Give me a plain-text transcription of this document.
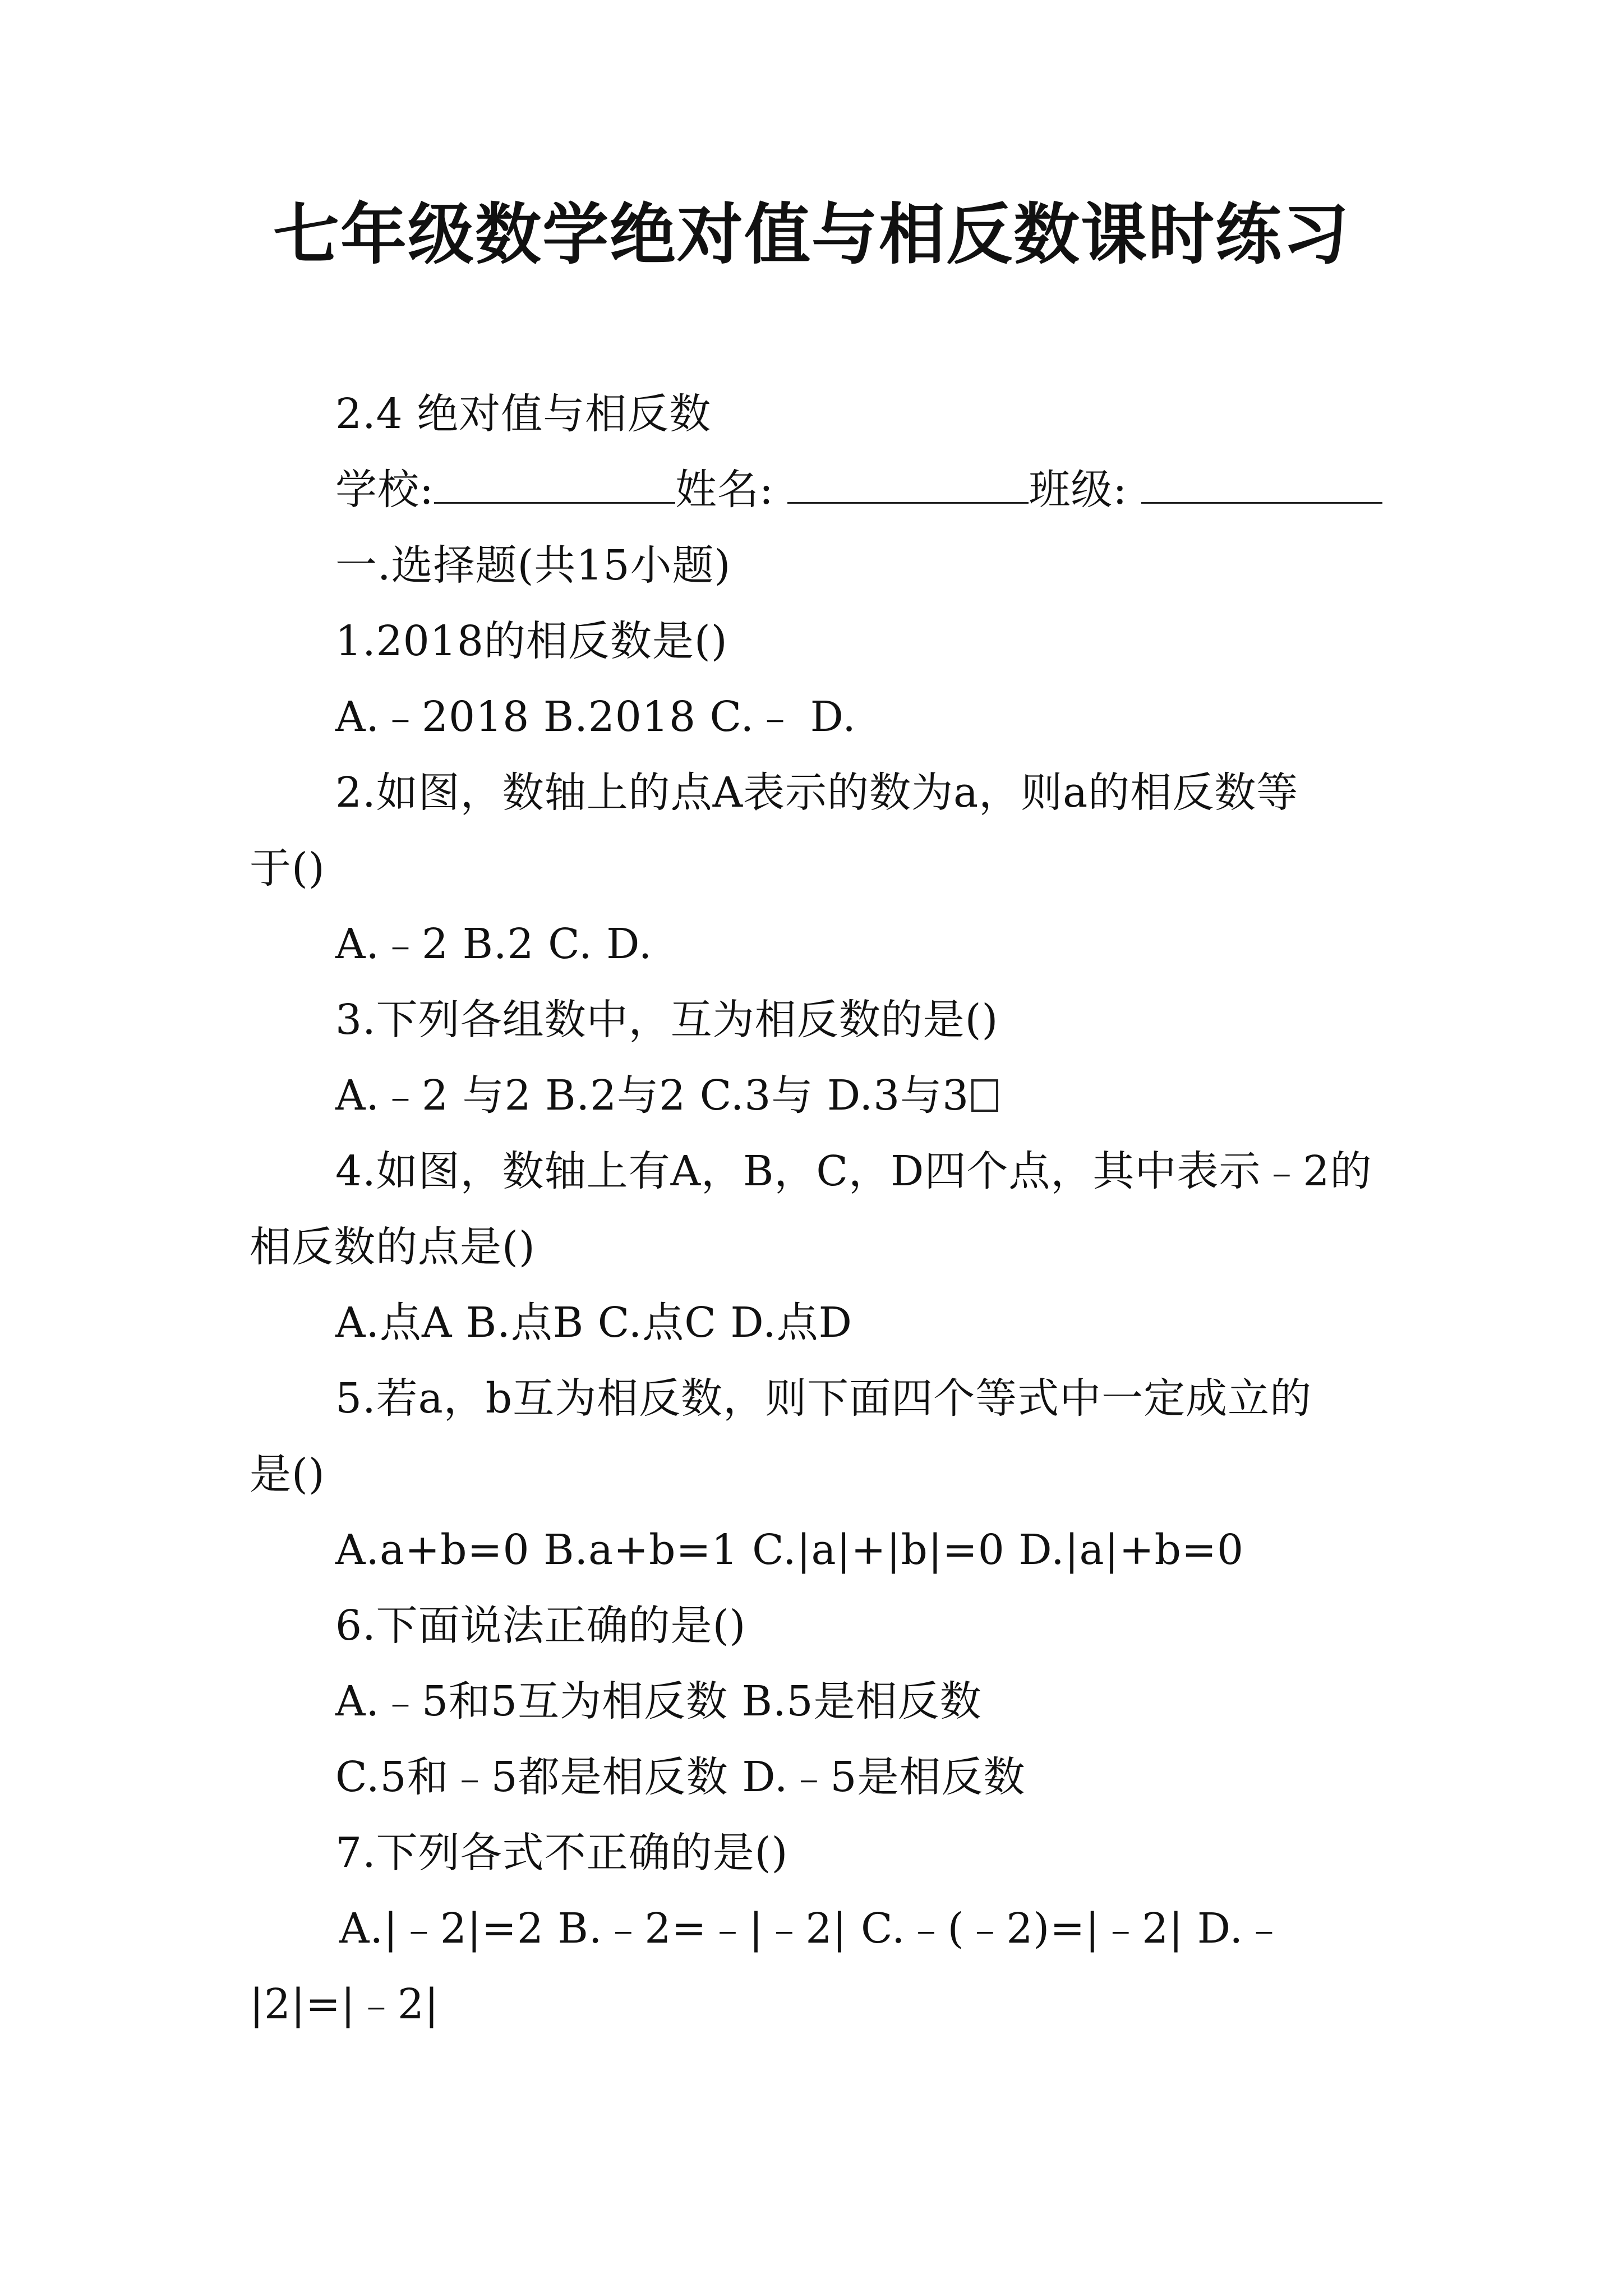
七年级数学绝对值与相反数课时练习
2.4 绝对值与相反数
学校:	姓名:	班级:
一.选择题(共15小题)
1.2018的相反数是()
A.﹣2018 B.2018 C.﹣ D.
2.如图，数轴上的点A表示的数为a，则a的相反数等
于()
A.﹣2 B.2 C. D.
3.下列各组数中，互为相反数的是()
A.﹣2 与2 B.2与2 C.3与 D.3与3
4.如图，数轴上有A，B，C，D四个点，其中表示﹣2的
相反数的点是()
A.点A B.点B C.点C D.点D
5.若a，b互为相反数，则下面四个等式中一定成立的
是()
A.a+b=0 B.a+b=1 C.|a|+|b|=0 D.|a|+b=0
6.下面说法正确的是()
A.﹣5和5互为相反数 B.5是相反数
C.5和﹣5都是相反数 D.﹣5是相反数
7.下列各式不正确的是()
A.|﹣2|=2 B.﹣2=﹣|﹣2| C.﹣(﹣2)=|﹣2| D.﹣
|2|=|﹣2|
